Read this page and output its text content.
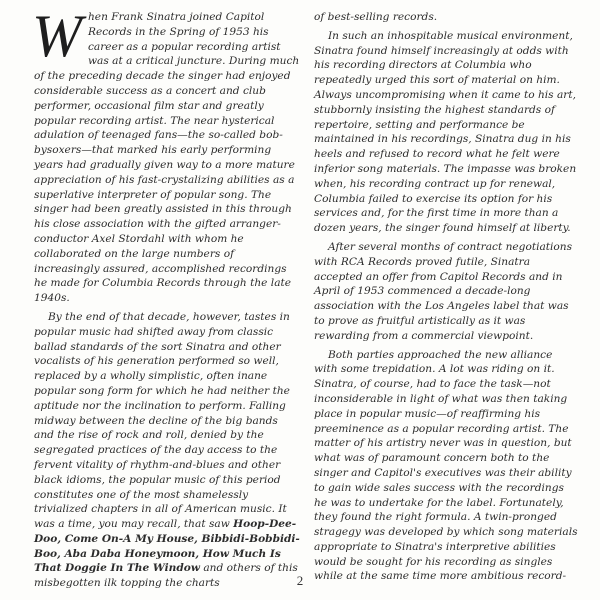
When Frank Sinatra joined Capitol Records in the Spring of 1953 his career as a popular recording artist was at a critical juncture. During much of the preceding decade the singer had enjoyed considerable success as a concert and club performer, occasional film star and greatly popular recording artist. The near hysterical adulation of teenaged fans—the so-called bob-bysoxers—that marked his early performing years had gradually given way to a more mature appreciation of his fast-crystalizing abilities as a superlative interpreter of popular song. The singer had been greatly assisted in this through his close association with the gifted arranger-conductor Axel Stordahl with whom he collaborated on the large numbers of increasingly assured, accomplished recordings he made for Columbia Records through the late 1940s.

By the end of that decade, however, tastes in popular music had shifted away from classic ballad standards of the sort Sinatra and other vocalists of his generation performed so well, replaced by a wholly simplistic, often inane popular song form for which he had neither the aptitude nor the inclination to perform. Falling midway between the decline of the big bands and the rise of rock and roll, denied by the segregated practices of the day access to the fervent vitality of rhythm-and-blues and other black idioms, the popular music of this period constitutes one of the most shamelessly trivialized chapters in all of American music. It was a time, you may recall, that saw Hoop-Dee-Doo, Come On-A My House, Bibbidi-Bobbidi-Boo, Aba Daba Honeymoon, How Much Is That Doggie In The Window and others of this misbegotten ilk topping the charts

of best-selling records.

In such an inhospitable musical environment, Sinatra found himself increasingly at odds with his recording directors at Columbia who repeatedly urged this sort of material on him. Always uncompromising when it came to his art, stubbornly insisting the highest standards of repertoire, setting and performance be maintained in his recordings, Sinatra dug in his heels and refused to record what he felt were inferior song materials. The impasse was broken when, his recording contract up for renewal, Columbia failed to exercise its option for his services and, for the first time in more than a dozen years, the singer found himself at liberty.

After several months of contract negotiations with RCA Records proved futile, Sinatra accepted an offer from Capitol Records and in April of 1953 commenced a decade-long association with the Los Angeles label that was to prove as fruitful artistically as it was rewarding from a commercial viewpoint.

Both parties approached the new alliance with some trepidation. A lot was riding on it. Sinatra, of course, had to face the task—not inconsiderable in light of what was then taking place in popular music—of reaffirming his preeminence as a popular recording artist. The matter of his artistry never was in question, but what was of paramount concern both to the singer and Capitol's executives was their ability to gain wide sales success with the recordings he was to undertake for the label. Fortunately, they found the right formula. A twin-pronged stragegy was developed by which song materials appropriate to Sinatra's interpretive abilities would be sought for his recording as singles while at the same time more ambitious record-

2
